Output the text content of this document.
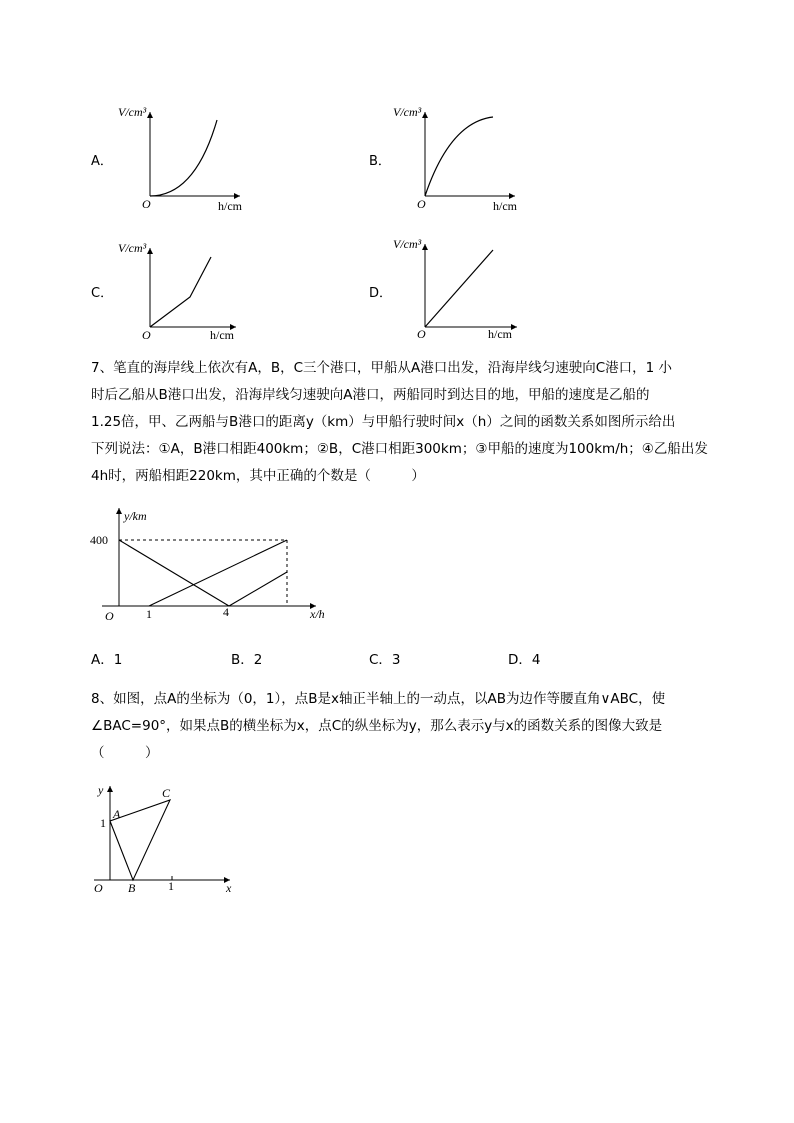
A．
V/cm³
h/cm
O
B．
V/cm³
h/cm
O
C．
V/cm³
h/cm
O
D．
V/cm³
h/cm
O
7、笔直的海岸线上依次有A，B，C三个港口，甲船从A港口出发，沿海岸线匀速驶向C港口，1 小
时后乙船从B港口出发，沿海岸线匀速驶向A港口，两船同时到达目的地，甲船的速度是乙船的
1.25倍，甲、乙两船与B港口的距离y（km）与甲船行驶时间x（h）之间的函数关系如图所示给出
下列说法：①A，B港口相距400km；②B，C港口相距300km；③甲船的速度为100km/h；④乙船出发
4h时，两船相距220km，其中正确的个数是（　　　）
y/km
400
O	1	4	x/h
A．1	B．2	C．3	D．4
8、如图，点A的坐标为（0，1），点B是x轴正半轴上的一动点，以AB为边作等腰直角∨ABC，使
∠BAC=90°，如果点B的横坐标为x，点C的纵坐标为y，那么表示y与x的函数关系的图像大致是
（　　　）
y
x
O
A
B
C
1
1
